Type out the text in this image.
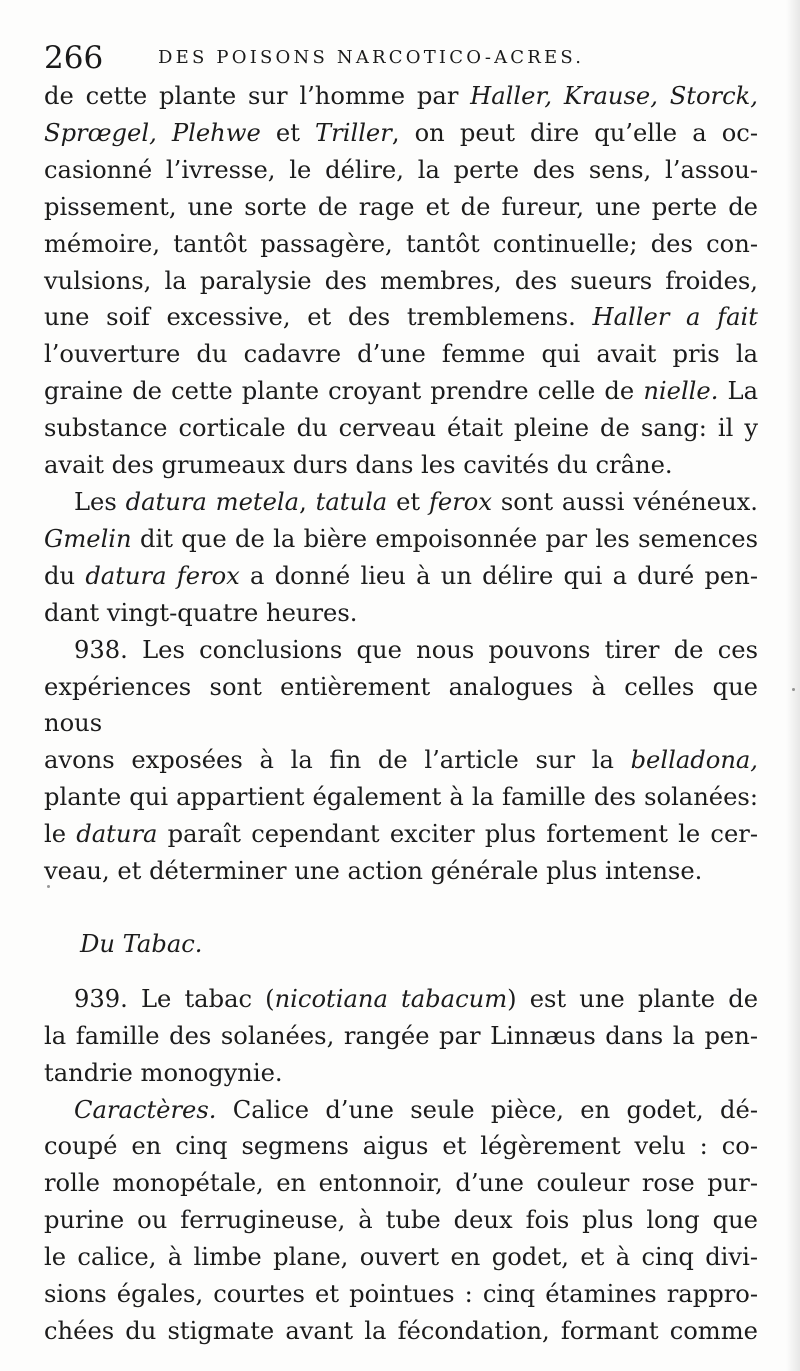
266	DES POISONS NARCOTICO-ACRES.

de cette plante sur l’homme par Haller, Krause, Storck,
Sprœgel, Plehwe et Triller, on peut dire qu’elle a oc-
casionné l’ivresse, le délire, la perte des sens, l’assou-
pissement, une sorte de rage et de fureur, une perte de
mémoire, tantôt passagère, tantôt continuelle; des con-
vulsions, la paralysie des membres, des sueurs froides,
une soif excessive, et des tremblemens. Haller a fait
l’ouverture du cadavre d’une femme qui avait pris la
graine de cette plante croyant prendre celle de nielle. La
substance corticale du cerveau était pleine de sang: il y
avait des grumeaux durs dans les cavités du crâne.

Les datura metela, tatula et ferox sont aussi vénéneux.

Gmelin dit que de la bière empoisonnée par les semences
du datura ferox a donné lieu à un délire qui a duré pen-
dant vingt-quatre heures.

938. Les conclusions que nous pouvons tirer de ces

expériences sont entièrement analogues à celles que nous
avons exposées à la fin de l’article sur la belladona,
plante qui appartient également à la famille des solanées:
le datura paraît cependant exciter plus fortement le cer-
veau, et déterminer une action générale plus intense.

Du Tabac.

939. Le tabac (nicotiana tabacum) est une plante de

la famille des solanées, rangée par Linnæus dans la pen-
tandrie monogynie.

Caractères. Calice d’une seule pièce, en godet, dé-

coupé en cinq segmens aigus et légèrement velu : co-
rolle monopétale, en entonnoir, d’une couleur rose pur-
purine ou ferrugineuse, à tube deux fois plus long que
le calice, à limbe plane, ouvert en godet, et à cinq divi-
sions égales, courtes et pointues : cinq étamines rappro-
chées du stigmate avant la fécondation, formant comme
